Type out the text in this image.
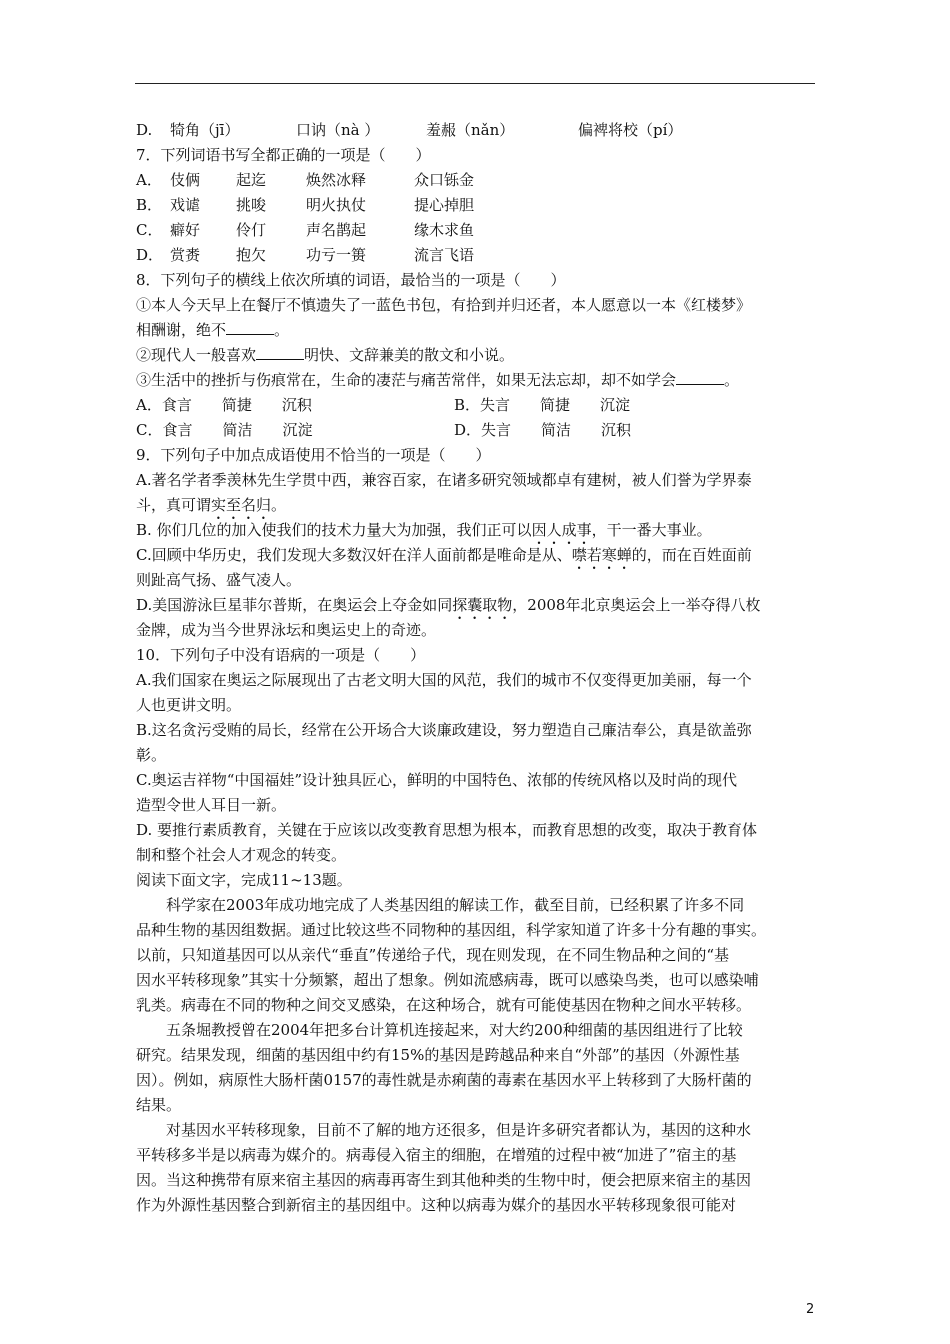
D. 犄角（jī）	口讷（nà ）	羞赧（nǎn）	偏裨将校（pí）
7．下列词语书写全都正确的一项是（　　）
A． 伎俩 起迄	焕然冰释	众口铄金
B． 戏谑 挑唆	明火执仗	提心掉胆
C． 癖好 伶仃	声名鹊起	缘木求鱼
D． 赏赉 抱欠	功亏一篑	流言飞语
8．下列句子的横线上依次所填的词语，最恰当的一项是（　　）
①本人今天早上在餐厅不慎遗失了一蓝色书包，有拾到并归还者，本人愿意以一本《红楼梦》
相酬谢，绝不	。
②现代人一般喜欢	明快、文辞兼美的散文和小说。
③生活中的挫折与伤痕常在，生命的凄茫与痛苦常伴，如果无法忘却，却不如学会	。
A．食言　　简捷　　沉积	B．失言　　简捷　　沉淀
C．食言　　简洁　　沉淀	D．失言　　简洁　　沉积
9．下列句子中加点成语使用不恰当的一项是（　　）
A.著名学者季羡林先生学贯中西，兼容百家，在诸多研究领域都卓有建树，被人们誉为学界泰
斗，真可谓实至名归。
B. 你们几位的加入使我们的技术力量大为加强，我们正可以因人成事，干一番大事业。
C.回顾中华历史，我们发现大多数汉奸在洋人面前都是唯命是从、噤若寒蝉的，而在百姓面前
则趾高气扬、盛气凌人。
D.美国游泳巨星菲尔普斯，在奥运会上夺金如同探囊取物，2008年北京奥运会上一举夺得八枚
金牌，成为当今世界泳坛和奥运史上的奇迹。
10．下列句子中没有语病的一项是（　　）
A.我们国家在奥运之际展现出了古老文明大国的风范，我们的城市不仅变得更加美丽，每一个
人也更讲文明。
B.这名贪污受贿的局长，经常在公开场合大谈廉政建设，努力塑造自己廉洁奉公，真是欲盖弥
彰。
C.奥运吉祥物“中国福娃”设计独具匠心，鲜明的中国特色、浓郁的传统风格以及时尚的现代
造型令世人耳目一新。
D. 要推行素质教育，关键在于应该以改变教育思想为根本，而教育思想的改变，取决于教育体
制和整个社会人才观念的转变。
阅读下面文字，完成11~13题。
科学家在2003年成功地完成了人类基因组的解读工作，截至目前，已经积累了许多不同
品种生物的基因组数据。通过比较这些不同物种的基因组，科学家知道了许多十分有趣的事实。
以前，只知道基因可以从亲代“垂直”传递给子代，现在则发现，在不同生物品种之间的“基
因水平转移现象”其实十分频繁，超出了想象。例如流感病毒，既可以感染鸟类，也可以感染哺
乳类。病毒在不同的物种之间交叉感染，在这种场合，就有可能使基因在物种之间水平转移。
五条堀教授曾在2004年把多台计算机连接起来，对大约200种细菌的基因组进行了比较
研究。结果发现，细菌的基因组中约有15%的基因是跨越品种来自“外部”的基因（外源性基
因）。例如，病原性大肠杆菌0157的毒性就是赤痢菌的毒素在基因水平上转移到了大肠杆菌的
结果。
对基因水平转移现象，目前不了解的地方还很多，但是许多研究者都认为，基因的这种水
平转移多半是以病毒为媒介的。病毒侵入宿主的细胞，在增殖的过程中被“加进了”宿主的基
因。当这种携带有原来宿主基因的病毒再寄生到其他种类的生物中时，便会把原来宿主的基因
作为外源性基因整合到新宿主的基因组中。这种以病毒为媒介的基因水平转移现象很可能对
2
